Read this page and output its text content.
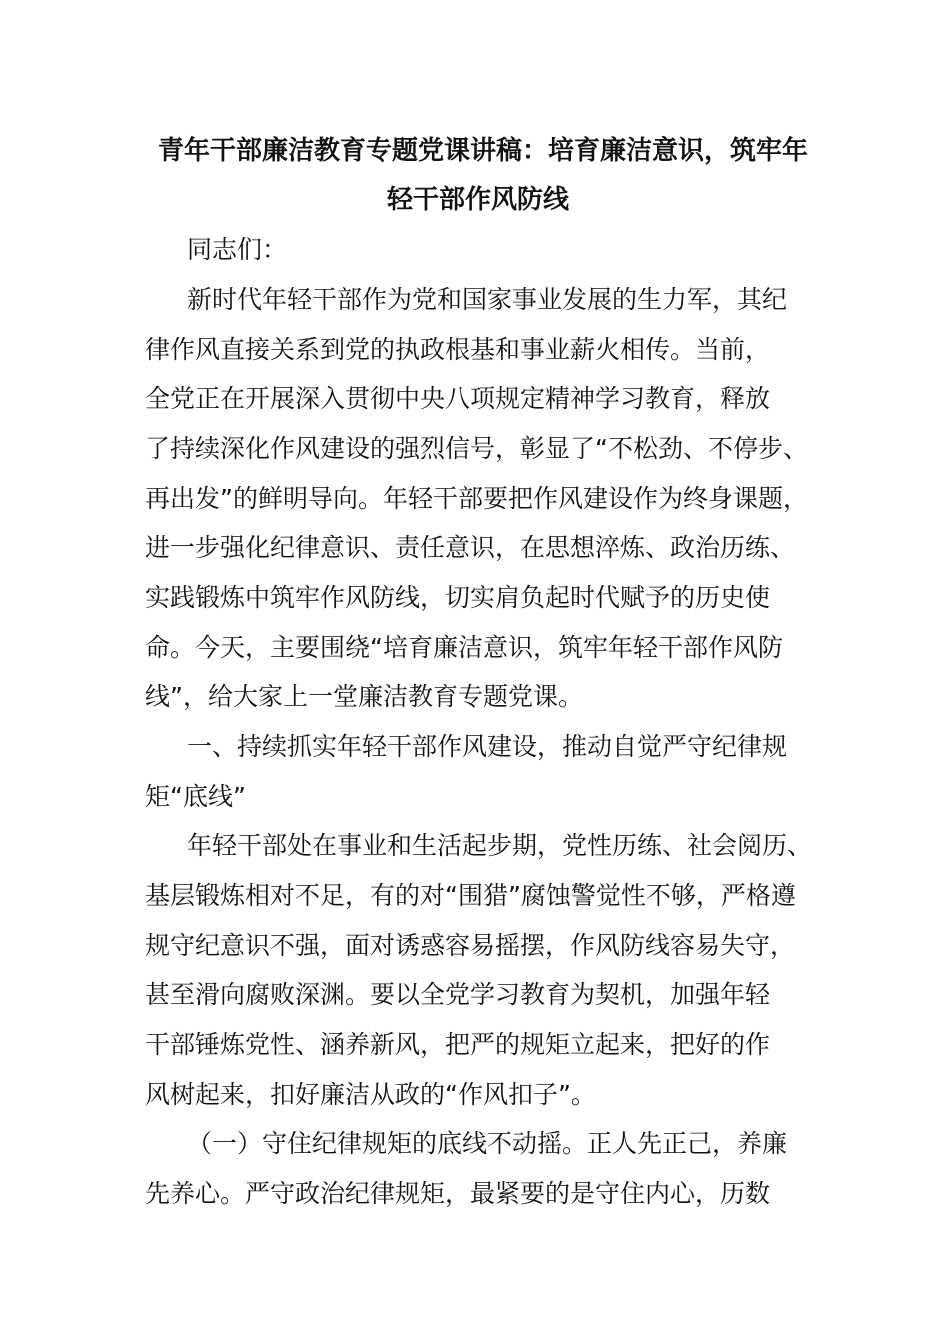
青年干部廉洁教育专题党课讲稿：培育廉洁意识，筑牢年
轻干部作风防线

同志们：

新时代年轻干部作为党和国家事业发展的生力军，其纪

律作风直接关系到党的执政根基和事业薪火相传。当前，

全党正在开展深入贯彻中央八项规定精神学习教育，释放

了持续深化作风建设的强烈信号，彰显了“不松劲、不停步、

再出发”的鲜明导向。年轻干部要把作风建设作为终身课题，

进一步强化纪律意识、责任意识，在思想淬炼、政治历练、

实践锻炼中筑牢作风防线，切实肩负起时代赋予的历史使

命。今天，主要围绕“培育廉洁意识，筑牢年轻干部作风防

线”，给大家上一堂廉洁教育专题党课。

一、持续抓实年轻干部作风建设，推动自觉严守纪律规

矩“底线”

年轻干部处在事业和生活起步期，党性历练、社会阅历、

基层锻炼相对不足，有的对“围猎”腐蚀警觉性不够，严格遵

规守纪意识不强，面对诱惑容易摇摆，作风防线容易失守，

甚至滑向腐败深渊。要以全党学习教育为契机，加强年轻

干部锤炼党性、涵养新风，把严的规矩立起来，把好的作

风树起来，扣好廉洁从政的“作风扣子”。

（一）守住纪律规矩的底线不动摇。正人先正己，养廉

先养心。严守政治纪律规矩，最紧要的是守住内心，历数
